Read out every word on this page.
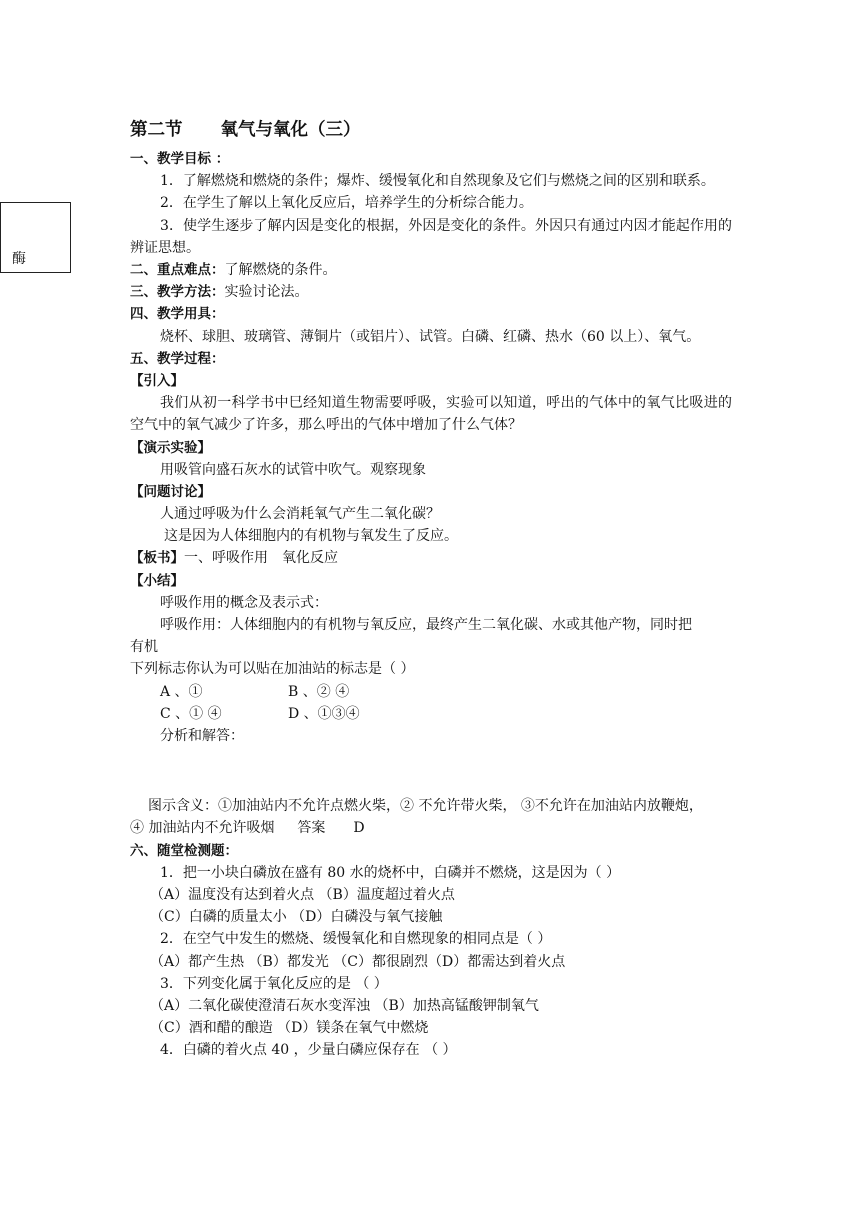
酶
第二节 氧气与氧化（三）
一、教学目标 ：
1．了解燃烧和燃烧的条件；爆炸、缓慢氧化和自然现象及它们与燃烧之间的区别和联系。
2．在学生了解以上氧化反应后，培养学生的分析综合能力。
3．使学生逐步了解内因是变化的根据，外因是变化的条件。外因只有通过内因才能起作用的辨证思想。
二、重点难点：了解燃烧的条件。
三、教学方法：实验讨论法。
四、教学用具：
烧杯、球胆、玻璃管、薄铜片（或铝片）、试管。白磷、红磷、热水（60 以上）、氧气。
五、教学过程：
【引入】
我们从初一科学书中巳经知道生物需要呼吸，实验可以知道，呼出的气体中的氧气比吸进的空气中的氧气减少了许多，那么呼出的气体中增加了什么气体？
【演示实验】
用吸管向盛石灰水的试管中吹气。观察现象
【问题讨论】
人通过呼吸为什么会消耗氧气产生二氧化碳？
这是因为人体细胞内的有机物与氧发生了反应。
【板书】一、呼吸作用　氧化反应
【小结】
呼吸作用的概念及表示式：
呼吸作用：人体细胞内的有机物与氧反应，最终产生二氧化碳、水或其他产物，同时把
有机
下列标志你认为可以贴在加油站的标志是（ ）
A 、①	B 、② ④
C 、① ④	D 、①③④
分析和解答：
图示含义：①加油站内不允许点燃火柴，② 不允许带火柴， ③不允许在加油站内放鞭炮，
④ 加油站内不允许吸烟 　 答案　　D
六、随堂检测题：
1．把一小块白磷放在盛有 80 水的烧杯中，白磷并不燃烧，这是因为（ ）
（A）温度没有达到着火点 （B）温度超过着火点
（C）白磷的质量太小 （D）白磷没与氧气接触
2．在空气中发生的燃烧、缓慢氧化和自燃现象的相同点是（ ）
（A）都产生热 （B）都发光 （C）都很剧烈（D）都需达到着火点
3．下列变化属于氧化反应的是 （ ）
（A）二氧化碳使澄清石灰水变浑浊 （B）加热高锰酸钾制氧气
（C）酒和醋的酿造 （D）镁条在氧气中燃烧
4．白磷的着火点 40 ，少量白磷应保存在 （ ）
